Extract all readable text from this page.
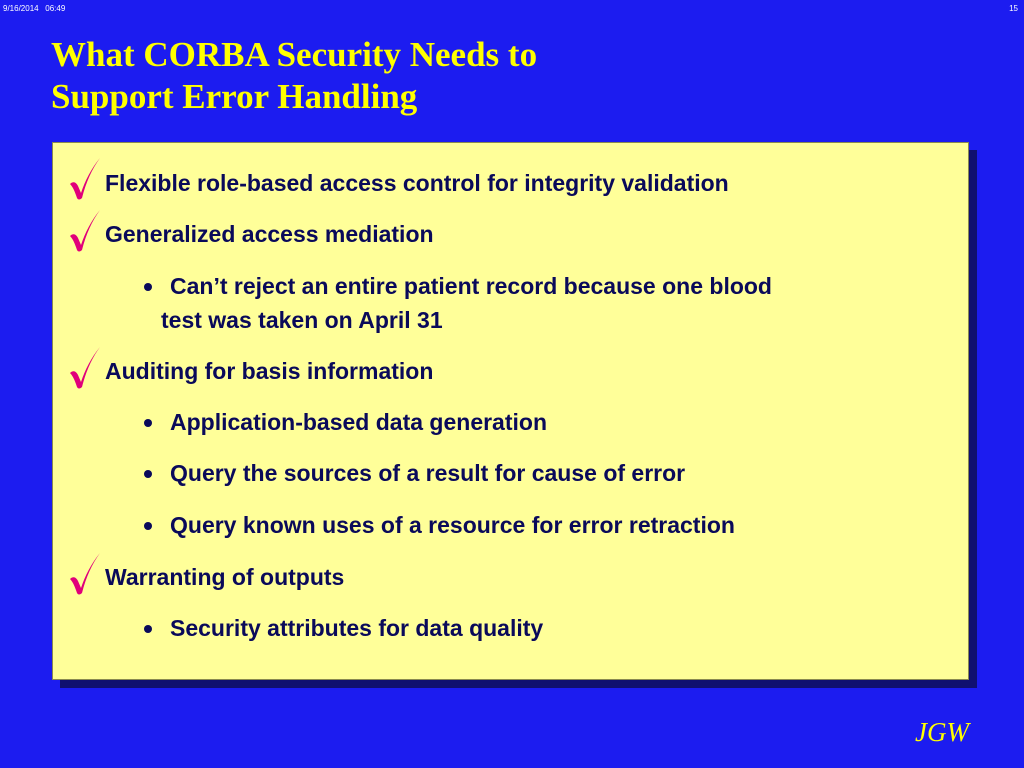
9/16/2014   06:49	15
What CORBA Security Needs to
Support Error Handling
Flexible role-based access control for integrity validation
Generalized access mediation
Can’t reject an entire patient record because one blood
test was taken on April 31
Auditing for basis information
Application-based data generation
Query the sources of a result for cause of error
Query known uses of a resource for error retraction
Warranting of outputs
Security attributes for data quality
JGW
